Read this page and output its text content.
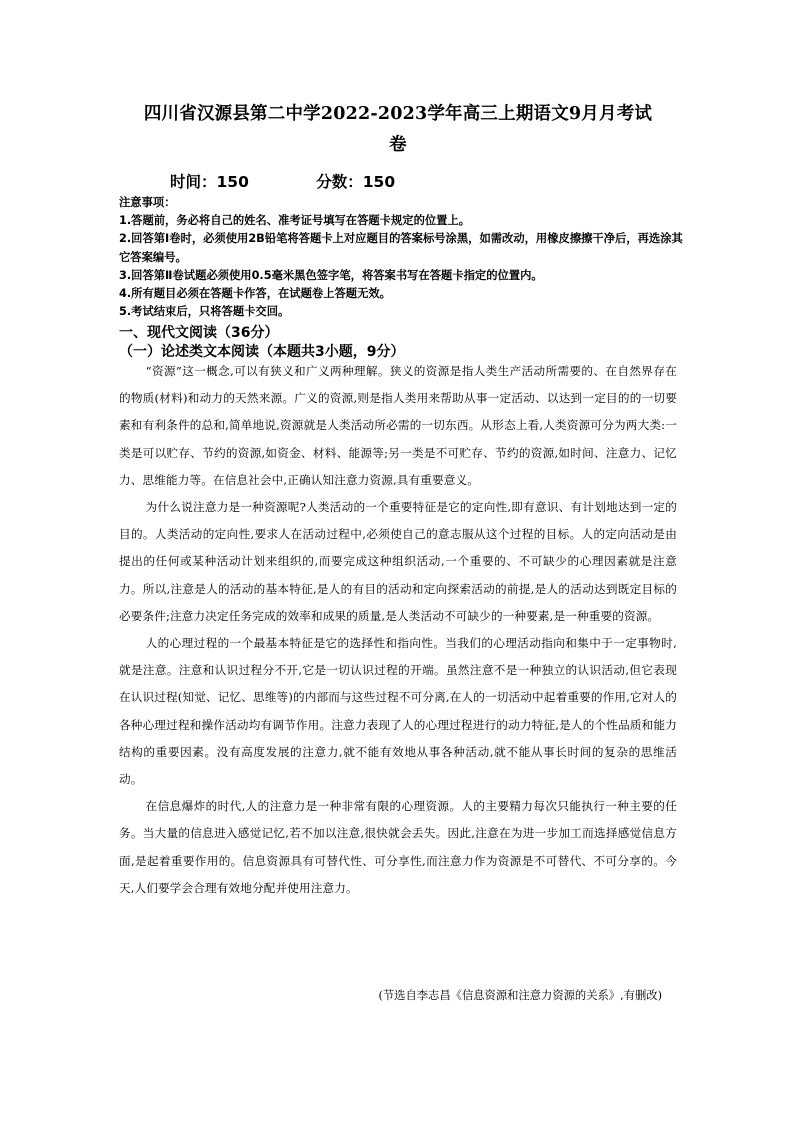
四川省汉源县第二中学2022-2023学年高三上期语文9月月考试
卷
时间：150	分数：150

注意事项：

1.答题前，务必将自己的姓名、准考证号填写在答题卡规定的位置上。

2.回答第Ⅰ卷时，必须使用2B铅笔将答题卡上对应题目的答案标号涂黑，如需改动，用橡皮擦擦干净后，再选涂其它答案编号。

3.回答第Ⅱ卷试题必须使用0.5毫米黑色签字笔，将答案书写在答题卡指定的位置内。

4.所有题目必须在答题卡作答，在试题卷上答题无效。

5.考试结束后，只将答题卡交回。

一、现代文阅读（36分）
（一）论述类文本阅读（本题共3小题，9分）

“资源”这一概念,可以有狭义和广义两种理解。狭义的资源是指人类生产活动所需要的、在自然界存在的物质(材料)和动力的天然来源。广义的资源,则是指人类用来帮助从事一定活动、以达到一定目的的一切要素和有利条件的总和,简单地说,资源就是人类活动所必需的一切东西。从形态上看,人类资源可分为两大类:一类是可以贮存、节约的资源,如资金、材料、能源等;另一类是不可贮存、节约的资源,如时间、注意力、记忆力、思维能力等。在信息社会中,正确认知注意力资源,具有重要意义。

为什么说注意力是一种资源呢?人类活动的一个重要特征是它的定向性,即有意识、有计划地达到一定的目的。人类活动的定向性,要求人在活动过程中,必须使自己的意志服从这个过程的目标。人的定向活动是由提出的任何或某种活动计划来组织的,而要完成这种组织活动,一个重要的、不可缺少的心理因素就是注意力。所以,注意是人的活动的基本特征,是人的有目的活动和定向探索活动的前提,是人的活动达到既定目标的必要条件;注意力决定任务完成的效率和成果的质量,是人类活动不可缺少的一种要素,是一种重要的资源。

人的心理过程的一个最基本特征是它的选择性和指向性。当我们的心理活动指向和集中于一定事物时,就是注意。注意和认识过程分不开,它是一切认识过程的开端。虽然注意不是一种独立的认识活动,但它表现在认识过程(知觉、记忆、思维等)的内部而与这些过程不可分离,在人的一切活动中起着重要的作用,它对人的各种心理过程和操作活动均有调节作用。注意力表现了人的心理过程进行的动力特征,是人的个性品质和能力结构的重要因素。没有高度发展的注意力,就不能有效地从事各种活动,就不能从事长时间的复杂的思维活动。

在信息爆炸的时代,人的注意力是一种非常有限的心理资源。人的主要精力每次只能执行一种主要的任务。当大量的信息进入感觉记忆,若不加以注意,很快就会丢失。因此,注意在为进一步加工而选择感觉信息方面,是起着重要作用的。信息资源具有可替代性、可分享性,而注意力作为资源是不可替代、不可分享的。今天,人们要学会合理有效地分配并使用注意力。

(节选自李志昌《信息资源和注意力资源的关系》,有删改)
